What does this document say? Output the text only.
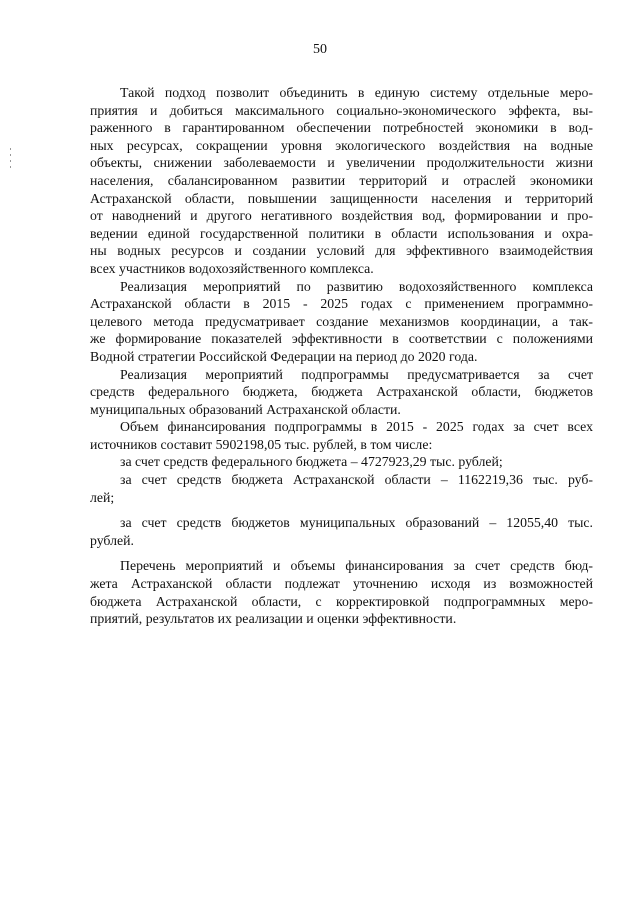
50
Такой подход позволит объединить в единую систему отдельные меро-
приятия и добиться максимального социально-экономического эффекта, вы-
раженного в гарантированном обеспечении потребностей экономики в вод-
ных ресурсах, сокращении уровня экологического воздействия на водные
объекты, снижении заболеваемости и увеличении продолжительности жизни
населения, сбалансированном развитии территорий и отраслей экономики
Астраханской области, повышении защищенности населения и территорий
от наводнений и другого негативного воздействия вод, формировании и про-
ведении единой государственной политики в области использования и охра-
ны водных ресурсов и создании условий для эффективного взаимодействия
всех участников водохозяйственного комплекса.
Реализация мероприятий по развитию водохозяйственного комплекса
Астраханской области в 2015 - 2025 годах с применением программно-
целевого метода предусматривает создание механизмов координации, а так-
же формирование показателей эффективности в соответствии с положениями
Водной стратегии Российской Федерации на период до 2020 года.
Реализация мероприятий подпрограммы предусматривается за счет
средств федерального бюджета, бюджета Астраханской области, бюджетов
муниципальных образований Астраханской области.
Объем финансирования подпрограммы в 2015 - 2025 годах за счет всех
источников составит 5902198,05 тыс. рублей, в том числе:
за счет средств федерального бюджета – 4727923,29 тыс. рублей;
за счет средств бюджета Астраханской области – 1162219,36 тыс. руб-
лей;
за счет средств бюджетов муниципальных образований – 12055,40 тыс.
рублей.
Перечень мероприятий и объемы финансирования за счет средств бюд-
жета Астраханской области подлежат уточнению исходя из возможностей
бюджета Астраханской области, с корректировкой подпрограммных меро-
приятий, результатов их реализации и оценки эффективности.
